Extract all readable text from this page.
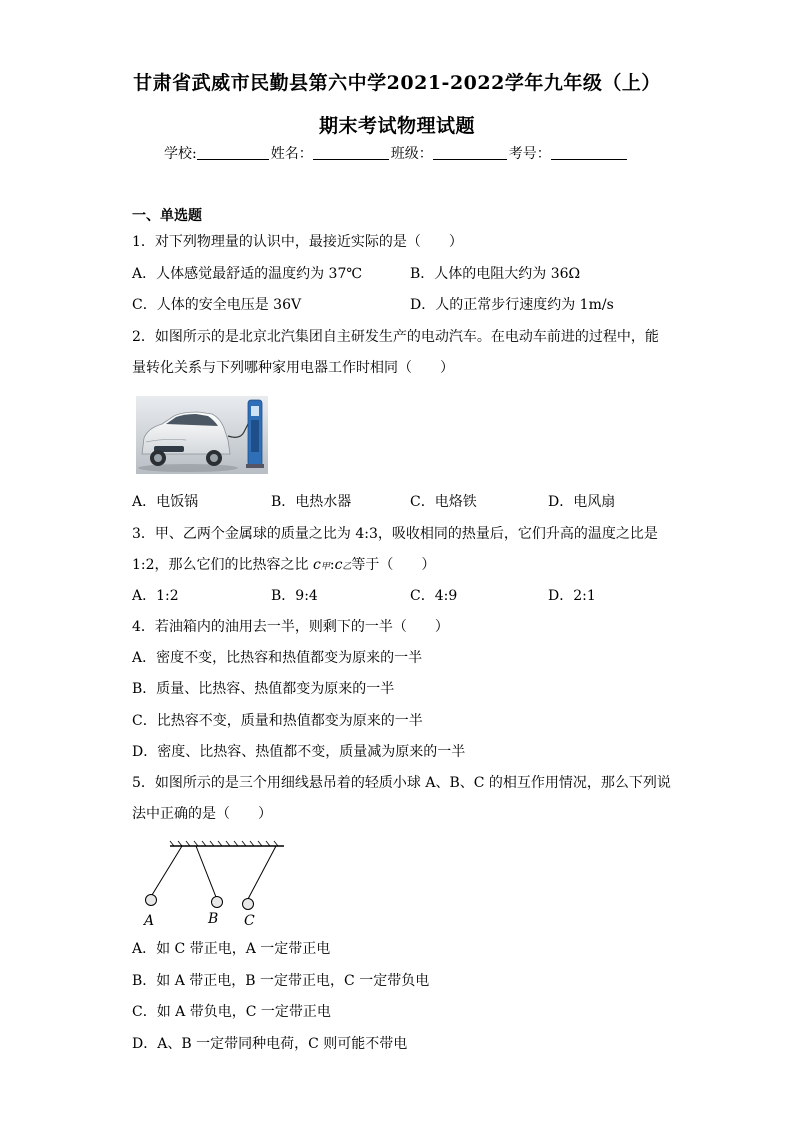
甘肃省武威市民勤县第六中学2021-2022学年九年级（上）
期末考试物理试题
学校:	姓名：	班级：	考号：
一、单选题
1．对下列物理量的认识中，最接近实际的是（　　）
A．人体感觉最舒适的温度约为 37℃	B．人体的电阻大约为 36Ω
C．人体的安全电压是 36V	D．人的正常步行速度约为 1m/s
2．如图所示的是北京北汽集团自主研发生产的电动汽车。在电动车前进的过程中，能
量转化关系与下列哪种家用电器工作时相同（　　）
A．电饭锅	B．电热水器	C．电烙铁	D．电风扇
3．甲、乙两个金属球的质量之比为 4:3，吸收相同的热量后，它们升高的温度之比是
1:2，那么它们的比热容之比 c甲:c乙等于（　　）
A．1:2	B．9:4	C．4:9	D．2:1
4．若油箱内的油用去一半，则剩下的一半（　　）
A．密度不变，比热容和热值都变为原来的一半
B．质量、比热容、热值都变为原来的一半
C．比热容不变，质量和热值都变为原来的一半
D．密度、比热容、热值都不变，质量减为原来的一半
5．如图所示的是三个用细线悬吊着的轻质小球 A、B、C 的相互作用情况，那么下列说
法中正确的是（　　）
A	B C
A．如 C 带正电，A 一定带正电
B．如 A 带正电，B 一定带正电，C 一定带负电
C．如 A 带负电，C 一定带正电
D．A、B 一定带同种电荷，C 则可能不带电
